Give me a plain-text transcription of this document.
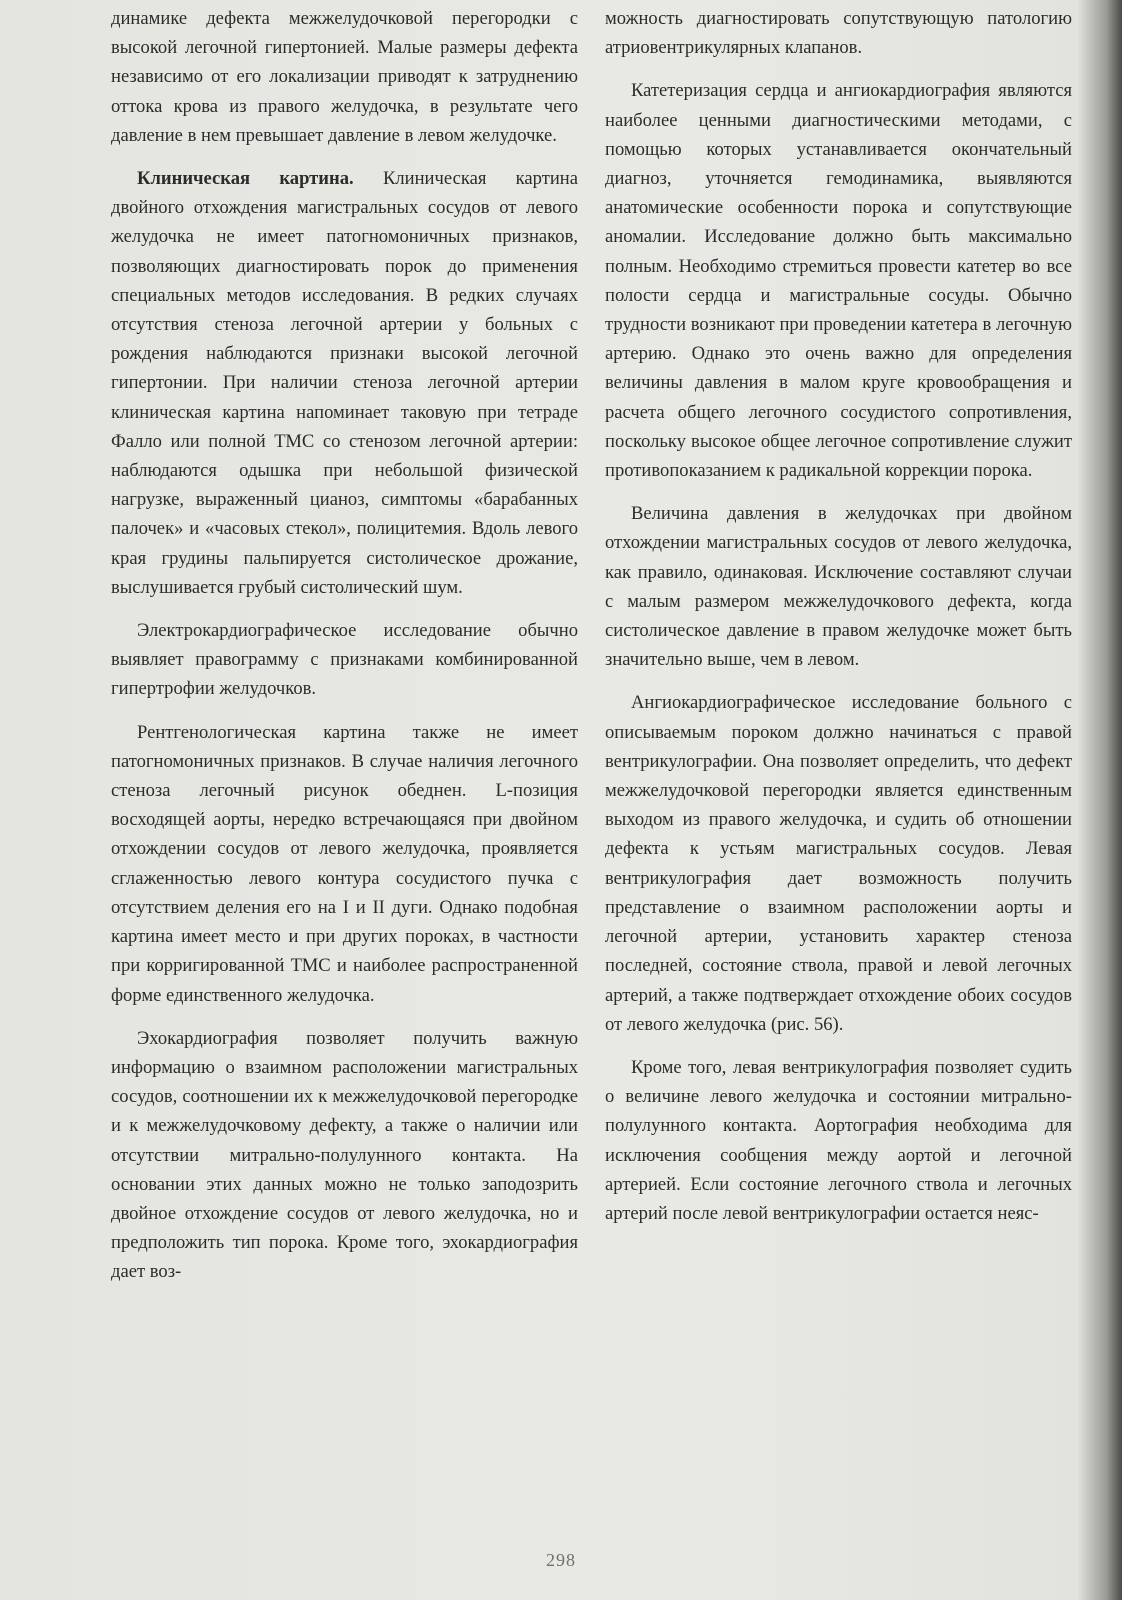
динамике дефекта межжелудочковой перегородки с высокой легочной гипертонией. Малые размеры дефекта независимо от его локализации приводят к затруднению оттока крова из правого желудочка, в результате чего давление в нем превышает давление в левом желудочке.

Клиническая картина. Клиническая картина двойного отхождения магистральных сосудов от левого желудочка не имеет патогномоничных признаков, позволяющих диагностировать порок до применения специальных методов исследования. В редких случаях отсутствия стеноза легочной артерии у больных с рождения наблюдаются признаки высокой легочной гипертонии. При наличии стеноза легочной артерии клиническая картина напоминает таковую при тетраде Фалло или полной ТМС со стенозом легочной артерии: наблюдаются одышка при небольшой физической нагрузке, выраженный цианоз, симптомы «барабанных палочек» и «часовых стекол», полицитемия. Вдоль левого края грудины пальпируется систолическое дрожание, выслушивается грубый систолический шум.

Электрокардиографическое исследование обычно выявляет правограмму с признаками комбинированной гипертрофии желудочков.

Рентгенологическая картина также не имеет патогномоничных признаков. В случае наличия легочного стеноза легочный рисунок обеднен. L-позиция восходящей аорты, нередко встречающаяся при двойном отхождении сосудов от левого желудочка, проявляется сглаженностью левого контура сосудистого пучка с отсутствием деления его на I и II дуги. Однако подобная картина имеет место и при других пороках, в частности при корригированной ТМС и наиболее распространенной форме единственного желудочка.

Эхокардиография позволяет получить важную информацию о взаимном расположении магистральных сосудов, соотношении их к межжелудочковой перегородке и к межжелудочковому дефекту, а также о наличии или отсутствии митрально-полулунного контакта. На основании этих данных можно не только заподозрить двойное отхождение сосудов от левого желудочка, но и предположить тип порока. Кроме того, эхокардиография дает воз-

можность диагностировать сопутствующую патологию атриовентрикулярных клапанов.

Катетеризация сердца и ангиокардиография являются наиболее ценными диагностическими методами, с помощью которых устанавливается окончательный диагноз, уточняется гемодинамика, выявляются анатомические особенности порока и сопутствующие аномалии. Исследование должно быть максимально полным. Необходимо стремиться провести катетер во все полости сердца и магистральные сосуды. Обычно трудности возникают при проведении катетера в легочную артерию. Однако это очень важно для определения величины давления в малом круге кровообращения и расчета общего легочного сосудистого сопротивления, поскольку высокое общее легочное сопротивление служит противопоказанием к радикальной коррекции порока.

Величина давления в желудочках при двойном отхождении магистральных сосудов от левого желудочка, как правило, одинаковая. Исключение составляют случаи с малым размером межжелудочкового дефекта, когда систолическое давление в правом желудочке может быть значительно выше, чем в левом.

Ангиокардиографическое исследование больного с описываемым пороком должно начинаться с правой вентрикулографии. Она позволяет определить, что дефект межжелудочковой перегородки является единственным выходом из правого желудочка, и судить об отношении дефекта к устьям магистральных сосудов. Левая вентрикулография дает возможность получить представление о взаимном расположении аорты и легочной артерии, установить характер стеноза последней, состояние ствола, правой и левой легочных артерий, а также подтверждает отхождение обоих сосудов от левого желудочка (рис. 56).

Кроме того, левая вентрикулография позволяет судить о величине левого желудочка и состоянии митрально-полулунного контакта. Аортография необходима для исключения сообщения между аортой и легочной артерией. Если состояние легочного ствола и легочных артерий после левой вентрикулографии остается неяс-

298
